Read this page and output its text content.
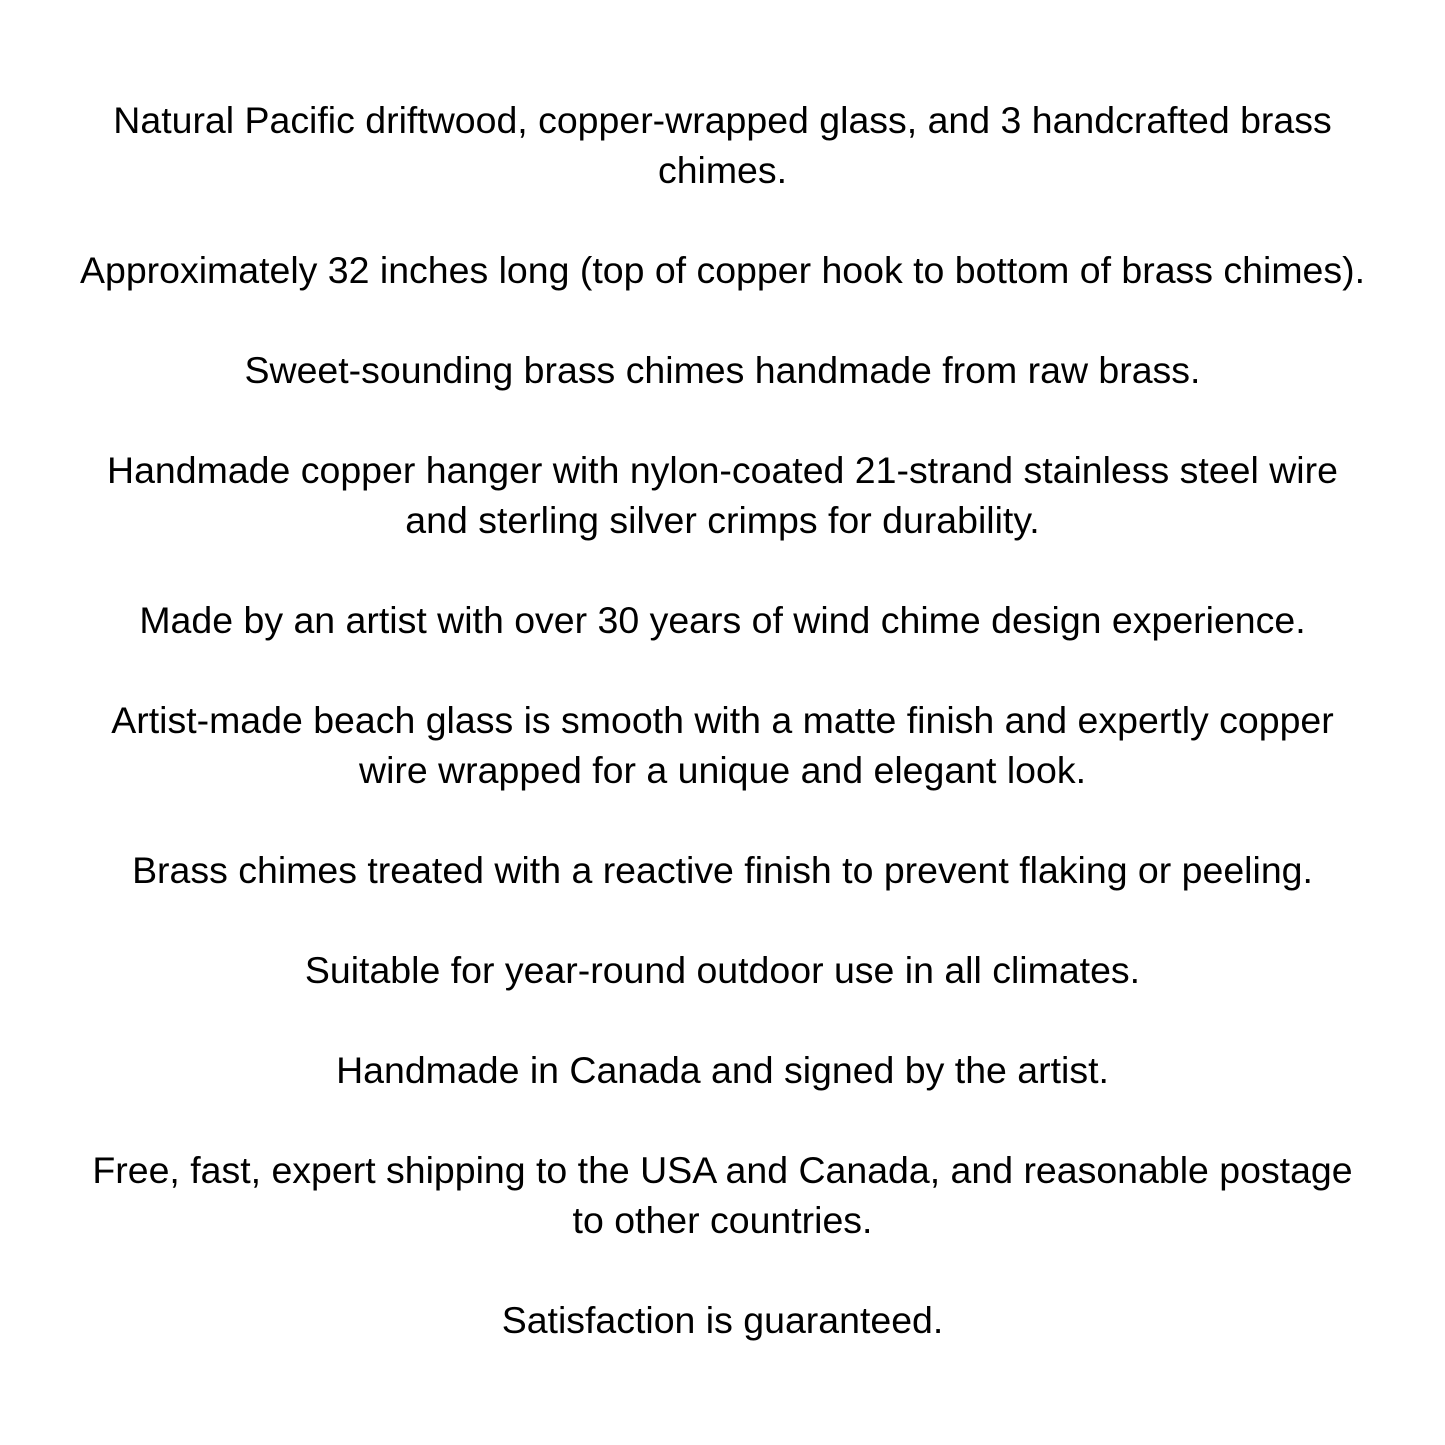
Natural Pacific driftwood, copper-wrapped glass, and 3 handcrafted brass
chimes.

Approximately 32 inches long (top of copper hook to bottom of brass chimes).

Sweet-sounding brass chimes handmade from raw brass.

Handmade copper hanger with nylon-coated 21-strand stainless steel wire
and sterling silver crimps for durability.

Made by an artist with over 30 years of wind chime design experience.

Artist-made beach glass is smooth with a matte finish and expertly copper
wire wrapped for a unique and elegant look.

Brass chimes treated with a reactive finish to prevent flaking or peeling.

Suitable for year-round outdoor use in all climates.

Handmade in Canada and signed by the artist.

Free, fast, expert shipping to the USA and Canada, and reasonable postage
to other countries.

Satisfaction is guaranteed.
